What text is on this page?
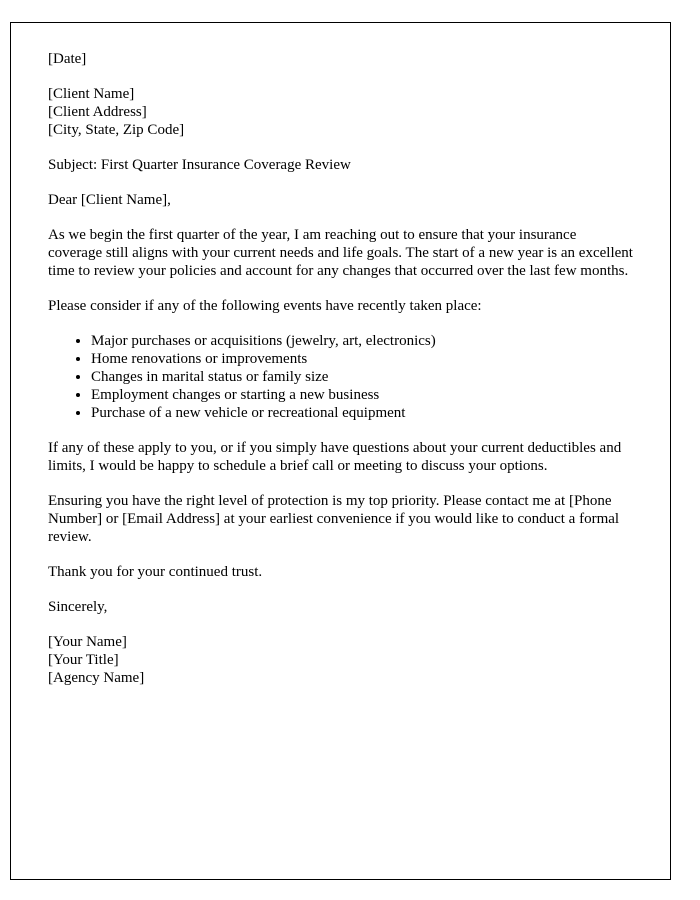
[Date]

[Client Name]
[Client Address]
[City, State, Zip Code]

Subject: First Quarter Insurance Coverage Review

Dear [Client Name],

As we begin the first quarter of the year, I am reaching out to ensure that your insurance coverage still aligns with your current needs and life goals. The start of a new year is an excellent time to review your policies and account for any changes that occurred over the last few months.

Please consider if any of the following events have recently taken place:

• Major purchases or acquisitions (jewelry, art, electronics)
• Home renovations or improvements
• Changes in marital status or family size
• Employment changes or starting a new business
• Purchase of a new vehicle or recreational equipment

If any of these apply to you, or if you simply have questions about your current deductibles and limits, I would be happy to schedule a brief call or meeting to discuss your options.

Ensuring you have the right level of protection is my top priority. Please contact me at [Phone Number] or [Email Address] at your earliest convenience if you would like to conduct a formal review.

Thank you for your continued trust.

Sincerely,

[Your Name]
[Your Title]
[Agency Name]
